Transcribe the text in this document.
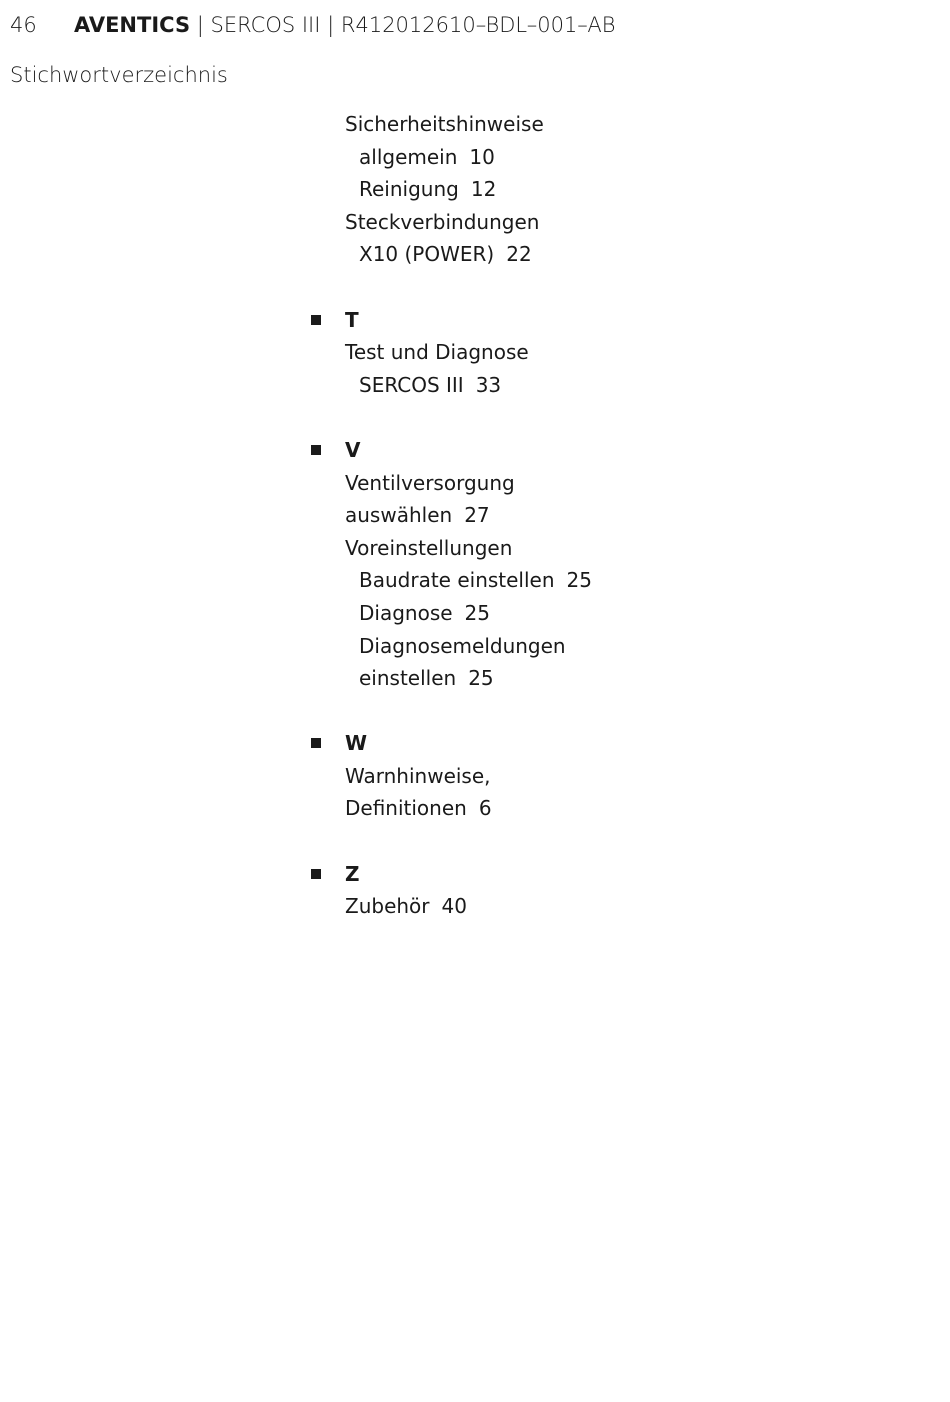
46 AVENTICS | SERCOS III | R412012610–BDL–001–AB
Stichwortverzeichnis
Sicherheitshinweise
allgemein 10
Reinigung 12
Steckverbindungen
X10 (POWER) 22
T
Test und Diagnose
SERCOS III 33
V
Ventilversorgung
auswählen 27
Voreinstellungen
Baudrate einstellen 25
Diagnose 25
Diagnosemeldungen
einstellen 25
W
Warnhinweise,
Definitionen 6
Z
Zubehör 40
